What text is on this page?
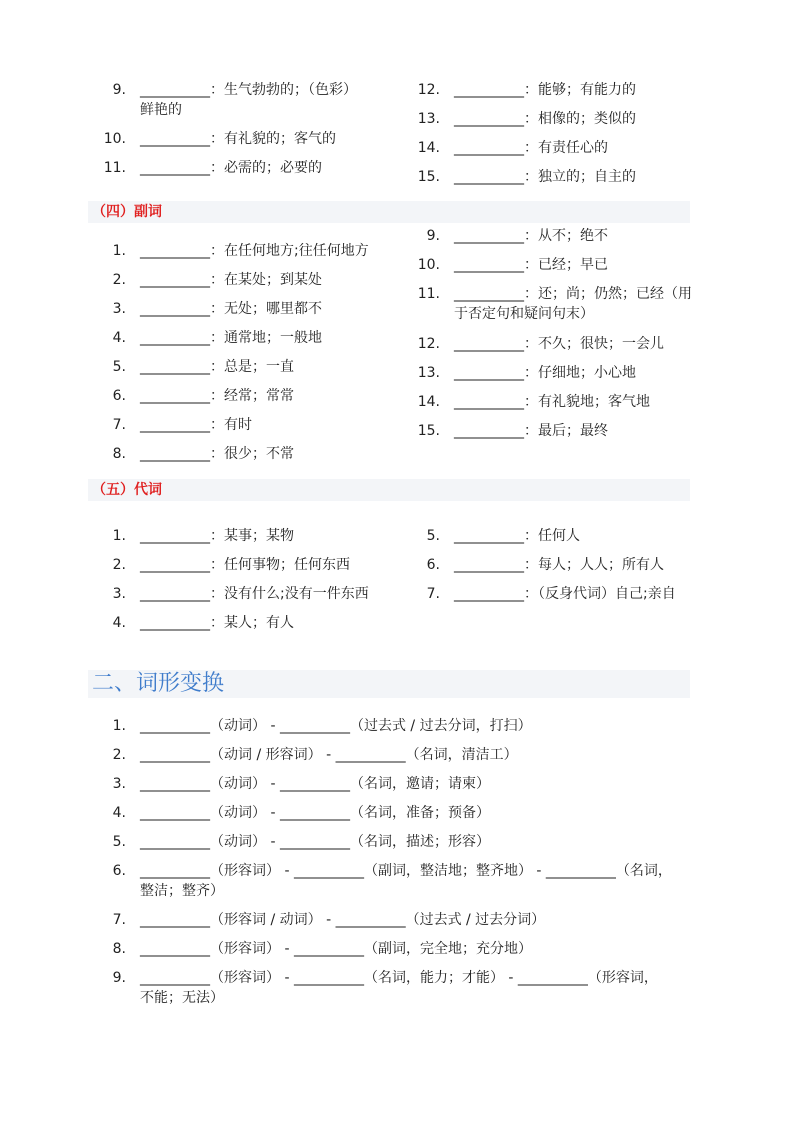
9. __________：生气勃勃的；（色彩）
鲜艳的
10. __________：有礼貌的；客气的
11. __________：必需的；必要的
12. __________：能够；有能力的
13. __________：相像的；类似的
14. __________：有责任心的
15. __________：独立的；自主的
（四）副词
1. __________：在任何地方;往任何地方
2. __________：在某处；到某处
3. __________：无处；哪里都不
4. __________：通常地；一般地
5. __________：总是；一直
6. __________：经常；常常
7. __________：有时
8. __________：很少；不常
9. __________：从不；绝不
10. __________：已经；早已
11. __________：还；尚；仍然；已经（用
于否定句和疑问句末）
12. __________：不久；很快；一会儿
13. __________：仔细地；小心地
14. __________：有礼貌地；客气地
15. __________：最后；最终
（五）代词
1. __________：某事；某物
2. __________：任何事物；任何东西
3. __________：没有什么;没有一件东西
4. __________：某人；有人
5. __________：任何人
6. __________：每人；人人；所有人
7. __________：（反身代词）自己;亲自
二、词形变换
1. __________（动词） - __________（过去式 / 过去分词，打扫）
2. __________（动词 / 形容词） - __________（名词，清洁工）
3. __________（动词） - __________（名词，邀请；请柬）
4. __________（动词） - __________（名词，准备；预备）
5. __________（动词） - __________（名词，描述；形容）
6. __________（形容词） - __________（副词，整洁地；整齐地） - __________（名词，
整洁；整齐）
7. __________（形容词 / 动词） - __________（过去式 / 过去分词）
8. __________（形容词） - __________（副词，完全地；充分地）
9. __________（形容词） - __________（名词，能力；才能） - __________（形容词，
不能；无法）
